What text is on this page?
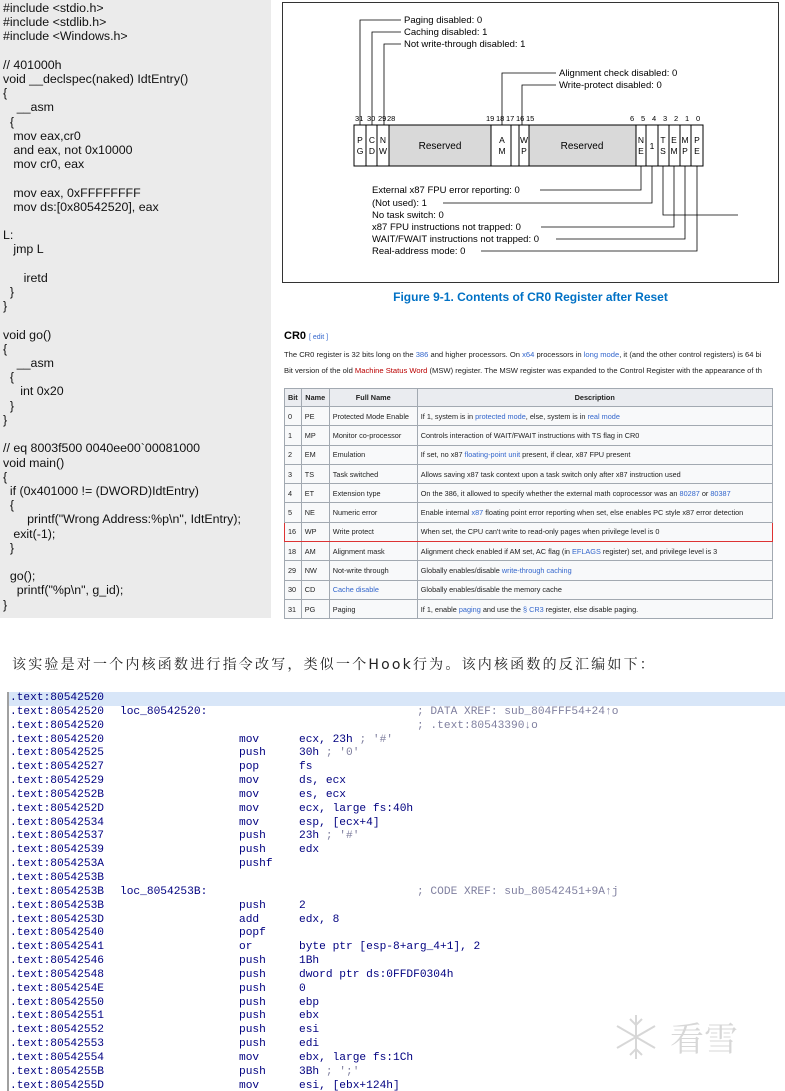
#include <stdio.h>
#include <stdlib.h>
#include <Windows.h>

// 401000h
void __declspec(naked) IdtEntry()
{
__asm
{
mov eax,cr0
and eax, not 0x10000
mov cr0, eax

mov eax, 0xFFFFFFFF
mov ds:[0x80542520], eax

L:
jmp L

iretd
}
}

void go()
{
__asm
{
int 0x20
}
}

// eq 8003f500 0040ee00`00081000
void main()
{
if (0x401000 != (DWORD)IdtEntry)
{
printf("Wrong Address:%p\n", IdtEntry);
exit(-1);
}

go();
printf("%p\n", g_id);
}

Paging disabled: 0
Caching disabled: 1
Not write-through disabled: 1
Alignment check disabled: 0
Write-protect disabled: 0
31 30 29 28	19 18 17 16 15	6 5 4 3 2 1 0
P
G
C
D
N
W	Reserved
A
M
W
P	Reserved
N
E 1
T
S
E
M
M
P
P
E
External x87 FPU error reporting: 0
(Not used): 1
No task switch: 0
x87 FPU instructions not trapped: 0
WAIT/FWAIT instructions not trapped: 0
Real-address mode: 0
Figure 9-1. Contents of CR0 Register after Reset
CR0 [ edit ]
The CR0 register is 32 bits long on the 386 and higher processors. On x64 processors in long mode, it (and the other control registers) is 64 bi
Bit version of the old Machine Status Word (MSW) register. The MSW register was expanded to the Control Register with the appearance of th
Bit	Name	Full Name	Description
0	PE	Protected Mode Enable	If 1, system is in protected mode, else, system is in real mode
1	MP	Monitor co-processor	Controls interaction of WAIT/FWAIT instructions with TS flag in CR0
2	EM	Emulation	If set, no x87 floating-point unit present, if clear, x87 FPU present
3	TS	Task switched	Allows saving x87 task context upon a task switch only after x87 instruction used
4	ET	Extension type	On the 386, it allowed to specify whether the external math coprocessor was an 80287 or 80387
5	NE	Numeric error	Enable internal x87 floating point error reporting when set, else enables PC style x87 error detection
16	WP	Write protect	When set, the CPU can't write to read-only pages when privilege level is 0
18	AM	Alignment mask	Alignment check enabled if AM set, AC flag (in EFLAGS register) set, and privilege level is 3
29	NW	Not-write through	Globally enables/disable write-through caching
30	CD	Cache disable	Globally enables/disable the memory cache
31	PG	Paging	If 1, enable paging and use the § CR3 register, else disable paging.
该实验是对一个内核函数进行指令改写，类似一个Hook行为。该内核函数的反汇编如下：
.text:80542520
.text:80542520 loc_80542520:	; DATA XREF: sub_804FFF54+24↑o
.text:80542520	; .text:80543390↓o
.text:80542520	mov	ecx, 23h ; '#'
.text:80542525	push	30h ; '0'
.text:80542527	pop	fs
.text:80542529	mov	ds, ecx
.text:8054252B	mov	es, ecx
.text:8054252D	mov	ecx, large fs:40h
.text:80542534	mov	esp, [ecx+4]
.text:80542537	push	23h ; '#'
.text:80542539	push	edx
.text:8054253A	pushf
.text:8054253B
.text:8054253B loc_8054253B:	; CODE XREF: sub_80542451+9A↑j
.text:8054253B	push	2
.text:8054253D	add	edx, 8
.text:80542540	popf
.text:80542541	or	byte ptr [esp-8+arg_4+1], 2
.text:80542546	push	1Bh
.text:80542548	push	dword ptr ds:0FFDF0304h
.text:8054254E	push	0
.text:80542550	push	ebp
.text:80542551	push	ebx
.text:80542552	push	esi
.text:80542553	push	edi
.text:80542554	mov	ebx, large fs:1Ch
.text:8054255B	push	3Bh ; ';'
.text:8054255D	mov	esi, [ebx+124h]
看雪
